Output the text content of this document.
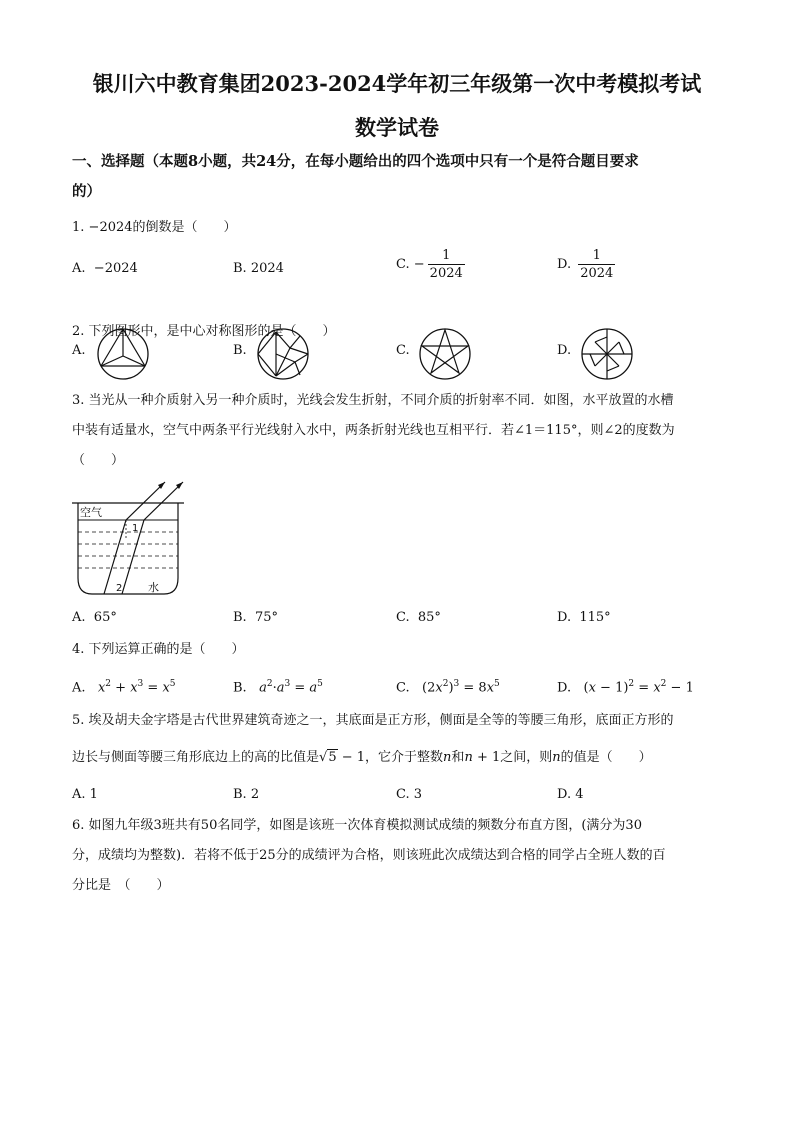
银川六中教育集团2023-2024学年初三年级第一次中考模拟考试
数学试卷
一、选择题（本题8小题，共24分，在每小题给出的四个选项中只有一个是符合题目要求
的）
1. −2024的倒数是（　　）
A. −2024	B. 2024	C. − $\frac{1}{2024}$	D. $\frac{1}{2024}$
2. 下列图形中，是中心对称图形的是（　　）
A.	B.	C.	D.
3. 当光从一种介质射入另一种介质时，光线会发生折射，不同介质的折射率不同．如图，水平放置的水槽
中装有适量水，空气中两条平行光线射入水中，两条折射光线也互相平行．若∠1＝115°，则∠2的度数为
（　　）
空气
1
2 水
A. 65°	B. 75°	C. 85°	D. 115°
4. 下列运算正确的是（　　）
A. $x^2 + x^3 = x^5$	B. $a^2\cdot a^3 = a^5$	C. $(2x^2)^3 = 8x^5$	D. $(x - 1)^2 = x^2 - 1$
5. 埃及胡夫金字塔是古代世界建筑奇迹之一，其底面是正方形，侧面是全等的等腰三角形，底面正方形的
边长与侧面等腰三角形底边上的高的比值是√5 − 1，它介于整数n和n + 1之间，则n的值是（　　）
A. 1	B. 2	C. 3	D. 4
6. 如图九年级3班共有50名同学，如图是该班一次体育模拟测试成绩的频数分布直方图，(满分为30
分，成绩均为整数)．若将不低于25分的成绩评为合格，则该班此次成绩达到合格的同学占全班人数的百
分比是　（　　）
